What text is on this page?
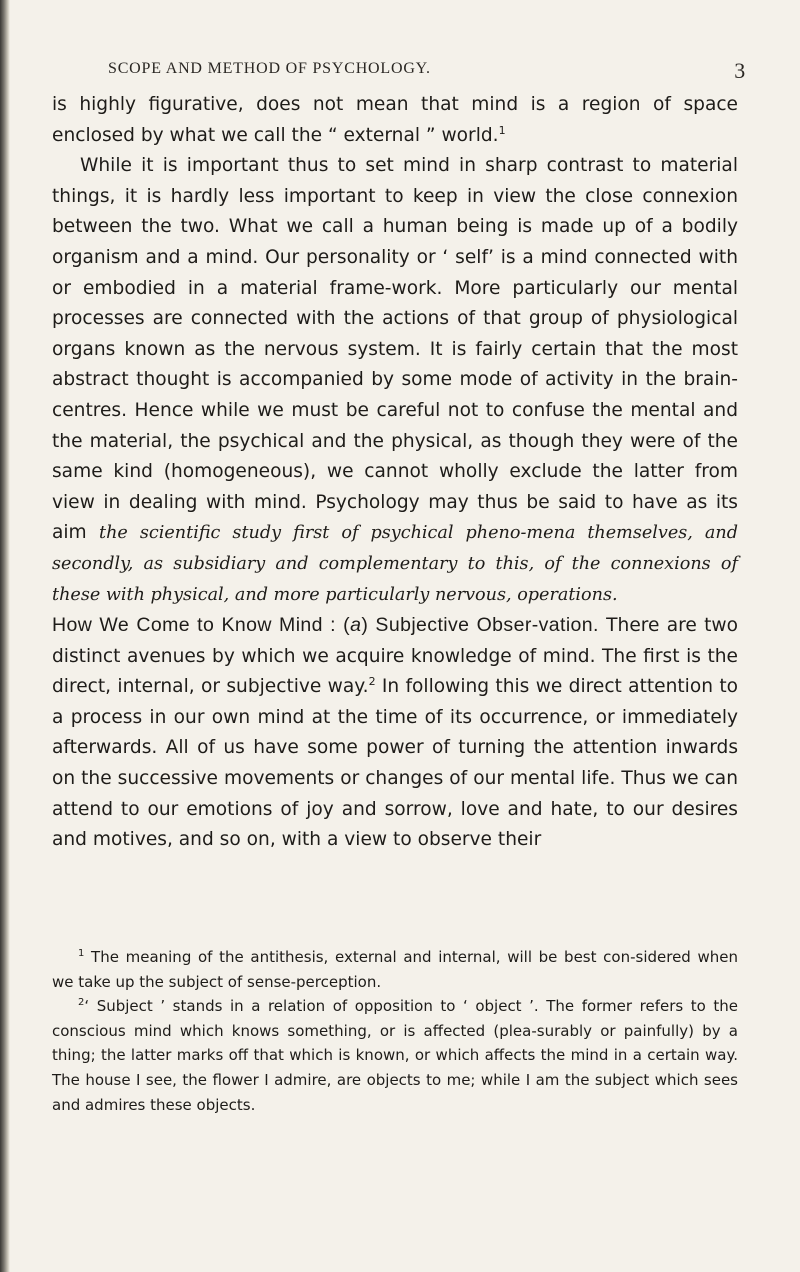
SCOPE AND METHOD OF PSYCHOLOGY.	3

is highly figurative, does not mean that mind is a region of space enclosed by what we call the “ external ” world.$^1$

While it is important thus to set mind in sharp contrast to material things, it is hardly less important to keep in view the close connexion between the two. What we call a human being is made up of a bodily organism and a mind. Our personality or ‘ self’ is a mind connected with or embodied in a material frame-work. More particularly our mental processes are connected with the actions of that group of physiological organs known as the nervous system. It is fairly certain that the most abstract thought is accompanied by some mode of activity in the brain-centres. Hence while we must be careful not to confuse the mental and the material, the psychical and the physical, as though they were of the same kind (homogeneous), we cannot wholly exclude the latter from view in dealing with mind. Psychology may thus be said to have as its aim the scientific study first of psychical pheno-mena themselves, and secondly, as subsidiary and complementary to this, of the connexions of these with physical, and more particularly nervous, operations.

How We Come to Know Mind : (a) Subjective Obser-vation. There are two distinct avenues by which we acquire knowledge of mind. The first is the direct, internal, or subjective way.$^2$ In following this we direct attention to a process in our own mind at the time of its occurrence, or immediately afterwards. All of us have some power of turning the attention inwards on the successive movements or changes of our mental life. Thus we can attend to our emotions of joy and sorrow, love and hate, to our desires and motives, and so on, with a view to observe their

$^1$ The meaning of the antithesis, external and internal, will be best con-sidered when we take up the subject of sense-perception.

$^2$‘ Subject ’ stands in a relation of opposition to ‘ object ’. The former refers to the conscious mind which knows something, or is affected (plea-surably or painfully) by a thing; the latter marks off that which is known, or which affects the mind in a certain way. The house I see, the flower I admire, are objects to me; while I am the subject which sees and admires these objects.
